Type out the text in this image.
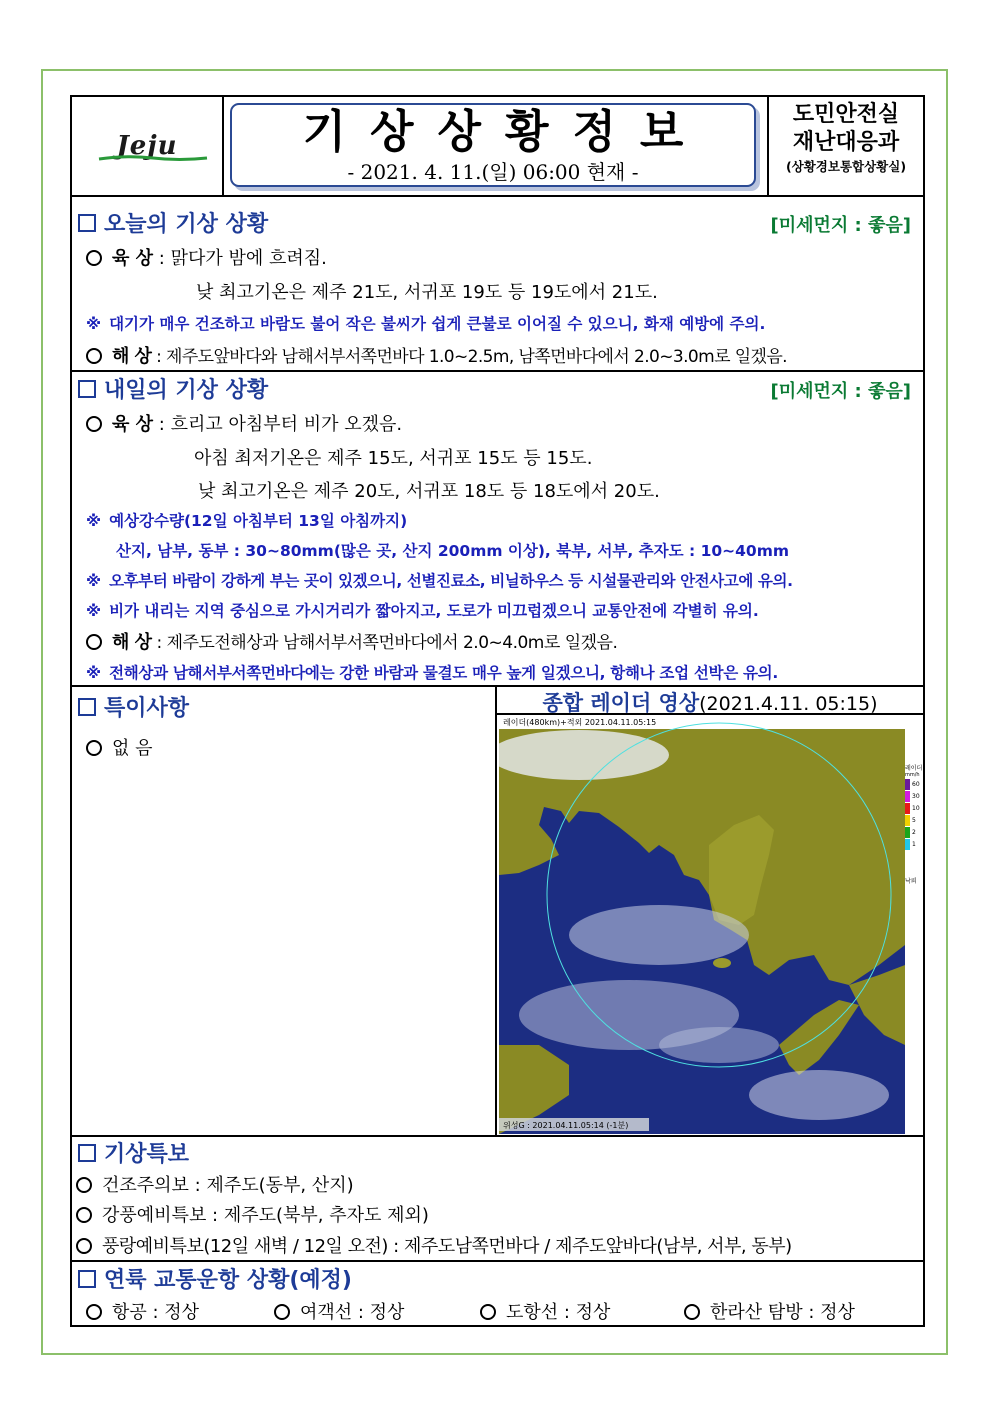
Jeju	기상상황정보
- 2021. 4. 11.(일) 06:00 현재 -
도민안전실
재난대응과
(상황경보통합상황실)
오늘의 기상 상황	[미세먼지 : 좋음]
육 상 : 맑다가 밤에 흐려짐.
낮 최고기온은 제주 21도, 서귀포 19도 등 19도에서 21도.
※ 대기가 매우 건조하고 바람도 불어 작은 불씨가 쉽게 큰불로 이어질 수 있으니, 화재 예방에 주의.
해 상 : 제주도앞바다와 남해서부서쪽먼바다 1.0~2.5m, 남쪽먼바다에서 2.0~3.0m로 일겠음.
내일의 기상 상황	[미세먼지 : 좋음]
육 상 : 흐리고 아침부터 비가 오겠음.
아침 최저기온은 제주 15도, 서귀포 15도 등 15도.
낮 최고기온은 제주 20도, 서귀포 18도 등 18도에서 20도.
※ 예상강수량(12일 아침부터 13일 아침까지)
산지, 남부, 동부 : 30~80mm(많은 곳, 산지 200mm 이상), 북부, 서부, 추자도 : 10~40mm
※ 오후부터 바람이 강하게 부는 곳이 있겠으니, 선별진료소, 비닐하우스 등 시설물관리와 안전사고에 유의.
※ 비가 내리는 지역 중심으로 가시거리가 짧아지고, 도로가 미끄럽겠으니 교통안전에 각별히 유의.
해 상 : 제주도전해상과 남해서부서쪽먼바다에서 2.0~4.0m로 일겠음.
※ 전해상과 남해서부서쪽먼바다에는 강한 바람과 물결도 매우 높게 일겠으니, 항해나 조업 선박은 유의.
특이사항
없 음
종합 레이더 영상(2021.4.11. 05:15)
레이더(480km)+적외 2021.04.11.05:15
위성G : 2021.04.11.05:14 (-1분)
레이더
mm/h
60
30
10
5
2
1
낙뢰
기상특보
건조주의보 : 제주도(동부, 산지)
강풍예비특보 : 제주도(북부, 추자도 제외)
풍랑예비특보(12일 새벽 / 12일 오전) : 제주도남쪽먼바다 / 제주도앞바다(남부, 서부, 동부)
연륙 교통운항 상황(예정)
항공 : 정상	여객선 : 정상	도항선 : 정상	한라산 탐방 : 정상
